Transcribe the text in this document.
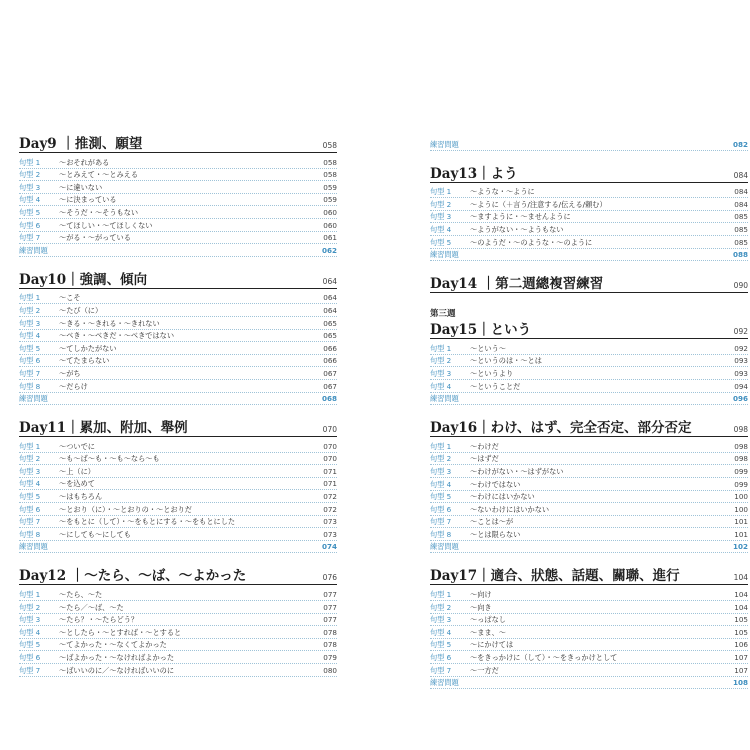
Day9 ｜推測、願望	058
句型 1	〜おそれがある	058
句型 2	〜とみえて・〜とみえる	058
句型 3	〜に違いない	059
句型 4	〜に決まっている	059
句型 5	〜そうだ・〜そうもない	060
句型 6	〜てほしい・〜てほしくない	060
句型 7	〜がる・〜がっている	061
練習問題	062
Day10｜強調、傾向	064
句型 1	〜こそ	064
句型 2	〜たび（に）	064
句型 3	〜きる・〜きれる・〜きれない	065
句型 4	〜べき・〜べきだ・〜べきではない	065
句型 5	〜てしかたがない	066
句型 6	〜てたまらない	066
句型 7	〜がち	067
句型 8	〜だらけ	067
練習問題	068
Day11｜累加、附加、舉例	070
句型 1	〜ついでに	070
句型 2	〜も〜ば〜も・〜も〜なら〜も	070
句型 3	〜上（に）	071
句型 4	〜を込めて	071
句型 5	〜はもちろん	072
句型 6	〜とおり（に）・〜とおりの・〜とおりだ	072
句型 7	〜をもとに（して）・〜をもとにする・〜をもとにした	073
句型 8	〜にしても〜にしても	073
練習問題	074
Day12 ｜〜たら、〜ば、〜よかった	076
句型 1	〜たら、〜た	077
句型 2	〜たら／〜ば、〜た	077
句型 3	〜たら？・〜たらどう？	077
句型 4	〜としたら・〜とすれば・〜とすると	078
句型 5	〜てよかった・〜なくてよかった	078
句型 6	〜ばよかった・〜なければよかった	079
句型 7	〜ばいいのに／〜なければいいのに	080
練習問題	082
Day13｜よう	084
句型 1	〜ような・〜ように	084
句型 2	〜ように（＋言う/注意する/伝える/頼む）	084
句型 3	〜ますように・〜ませんように	085
句型 4	〜ようがない・〜ようもない	085
句型 5	〜のようだ・〜のような・〜のように	085
練習問題	088
Day14 ｜第二週總複習練習	090
第三週
Day15｜という	092
句型 1	〜という〜	092
句型 2	〜というのは・〜とは	093
句型 3	〜というより	093
句型 4	〜ということだ	094
練習問題	096
Day16｜わけ、はず、完全否定、部分否定	098
句型 1	〜わけだ	098
句型 2	〜はずだ	098
句型 3	〜わけがない・〜はずがない	099
句型 4	〜わけではない	099
句型 5	〜わけにはいかない	100
句型 6	〜ないわけにはいかない	100
句型 7	〜ことは〜が	101
句型 8	〜とは限らない	101
練習問題	102
Day17｜適合、狀態、話題、關聯、進行	104
句型 1	〜向け	104
句型 2	〜向き	104
句型 3	〜っぱなし	105
句型 4	〜まま、〜	105
句型 5	〜にかけては	106
句型 6	〜をきっかけに（して）・〜をきっかけとして	107
句型 7	〜一方だ	107
練習問題	108
